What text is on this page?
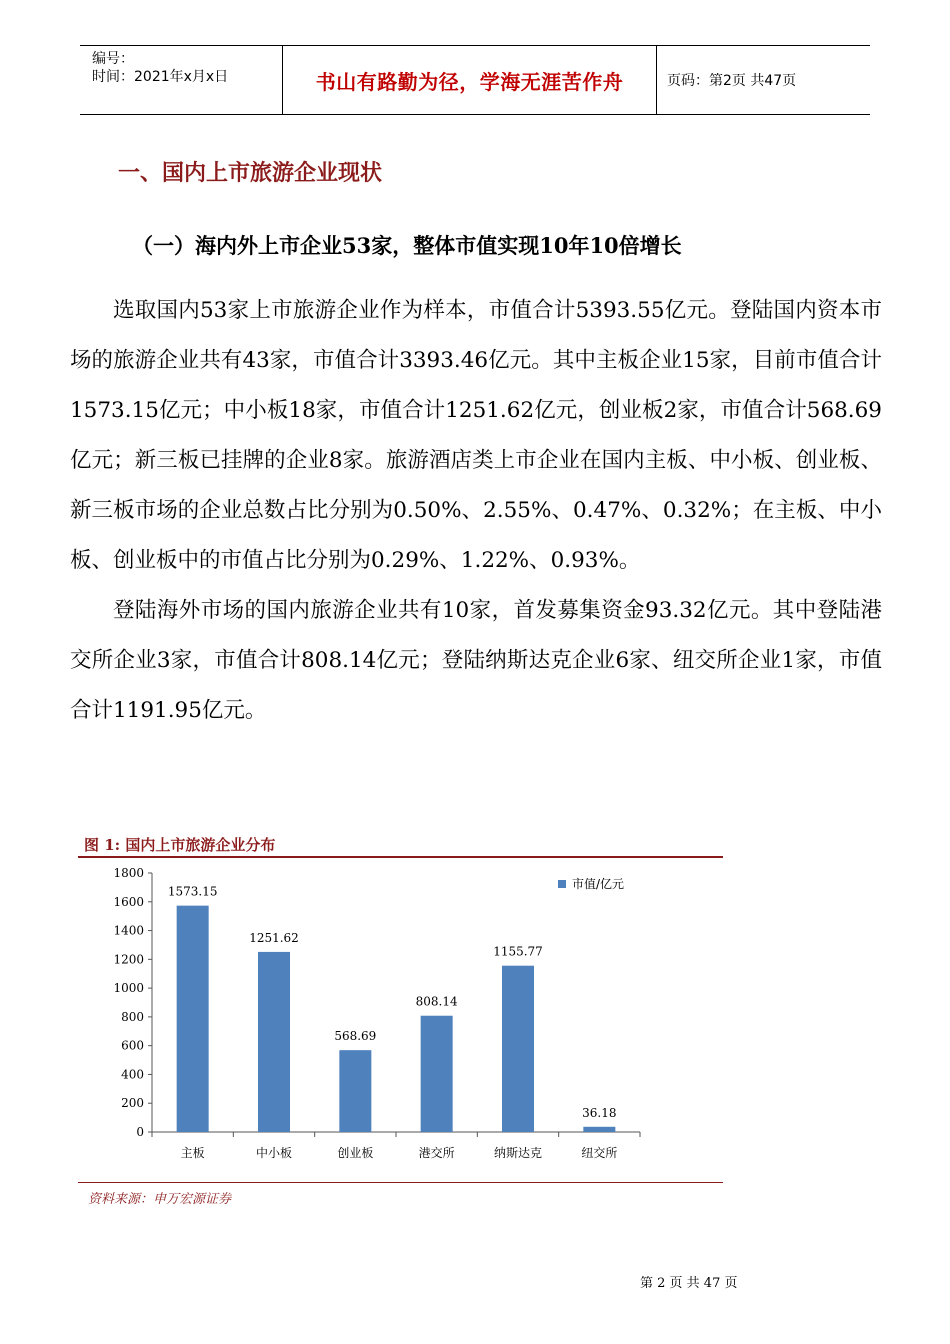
编号：
时间：2021年x月x日	书山有路勤为径，学海无涯苦作舟	页码：第2页 共47页
一、国内上市旅游企业现状
（一）海内外上市企业53家，整体市值实现10年10倍增长

选取国内53家上市旅游企业作为样本，市值合计5393.55亿元。登陆国内资本市场的旅游企业共有43家，市值合计3393.46亿元。其中主板企业15家，目前市值合计1573.15亿元；中小板18家，市值合计1251.62亿元，创业板2家，市值合计568.69亿元；新三板已挂牌的企业8家。旅游酒店类上市企业在国内主板、中小板、创业板、新三板市场的企业总数占比分别为0.50%、2.55%、0.47%、0.32%；在主板、中小板、创业板中的市值占比分别为0.29%、1.22%、0.93%。

登陆海外市场的国内旅游企业共有10家，首发募集资金93.32亿元。其中登陆港交所企业3家，市值合计808.14亿元；登陆纳斯达克企业6家、纽交所企业1家，市值合计1191.95亿元。

图 1: 国内上市旅游企业分布
0
200
400
600
800
1000
1200
1400
1600
1800
主板	中小板	创业板	港交所	纳斯达克	纽交所
1573.15
1251.62
568.69
808.14
1155.77
36.18
市值/亿元
资料来源：申万宏源证券
第 2 页 共 47 页
